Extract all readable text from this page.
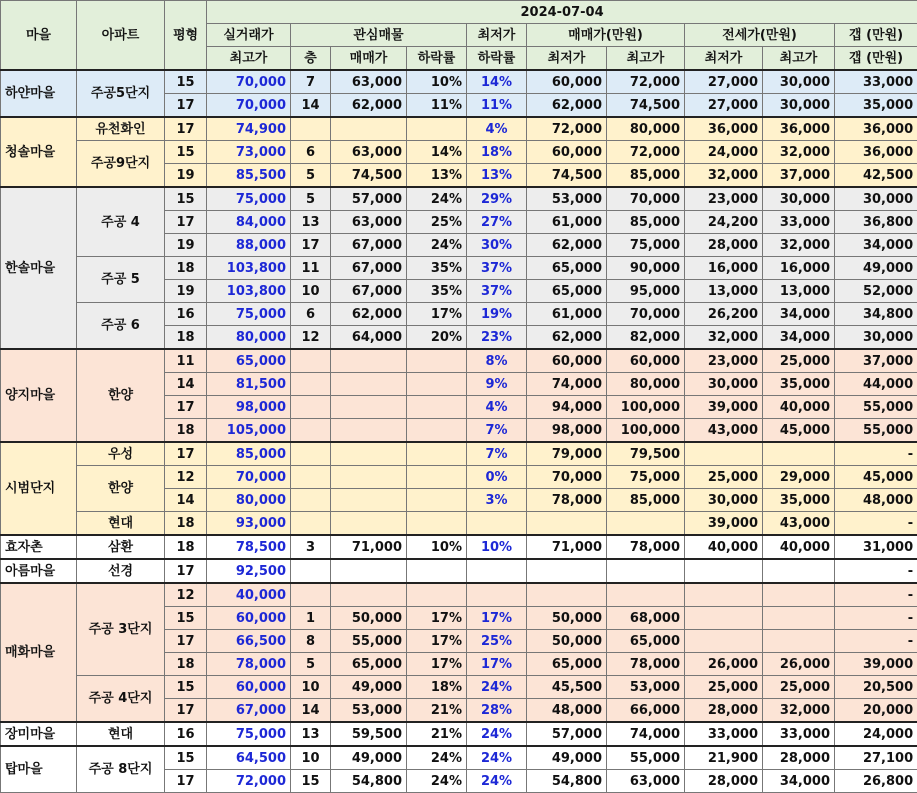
마을	아파트	평형	2024-07-04									
			실거래가	관심매물			최저가	매매가(만원)		전세가(만원)		갭 (만원)
			최고가	층	매매가	하락률	하락률	최저가	최고가	최저가	최고가	갭 (만원)
하얀마을	주공5단지	15	70,000	7	63,000	10%	14%	60,000	72,000	27,000	30,000	33,000
		17	70,000	14	62,000	11%	11%	62,000	74,500	27,000	30,000	35,000
청솔마을	유천화인	17	74,900				4%	72,000	80,000	36,000	36,000	36,000
	주공9단지	15	73,000	6	63,000	14%	18%	60,000	72,000	24,000	32,000	36,000
		19	85,500	5	74,500	13%	13%	74,500	85,000	32,000	37,000	42,500
한솔마을	주공 4	15	75,000	5	57,000	24%	29%	53,000	70,000	23,000	30,000	30,000
		17	84,000	13	63,000	25%	27%	61,000	85,000	24,200	33,000	36,800
		19	88,000	17	67,000	24%	30%	62,000	75,000	28,000	32,000	34,000
	주공 5	18	103,800	11	67,000	35%	37%	65,000	90,000	16,000	16,000	49,000
		19	103,800	10	67,000	35%	37%	65,000	95,000	13,000	13,000	52,000
	주공 6	16	75,000	6	62,000	17%	19%	61,000	70,000	26,200	34,000	34,800
		18	80,000	12	64,000	20%	23%	62,000	82,000	32,000	34,000	30,000
양지마을	한양	11	65,000				8%	60,000	60,000	23,000	25,000	37,000
		14	81,500				9%	74,000	80,000	30,000	35,000	44,000
		17	98,000				4%	94,000	100,000	39,000	40,000	55,000
		18	105,000				7%	98,000	100,000	43,000	45,000	55,000
시범단지	우성	17	85,000				7%	79,000	79,500			-
	한양	12	70,000				0%	70,000	75,000	25,000	29,000	45,000
		14	80,000				3%	78,000	85,000	30,000	35,000	48,000
	현대	18	93,000							39,000	43,000	-
효자촌	삼환	18	78,500	3	71,000	10%	10%	71,000	78,000	40,000	40,000	31,000
아름마을	선경	17	92,500									-
매화마을	주공 3단지	12	40,000									-
		15	60,000	1	50,000	17%	17%	50,000	68,000			-
		17	66,500	8	55,000	17%	25%	50,000	65,000			-
		18	78,000	5	65,000	17%	17%	65,000	78,000	26,000	26,000	39,000
	주공 4단지	15	60,000	10	49,000	18%	24%	45,500	53,000	25,000	25,000	20,500
		17	67,000	14	53,000	21%	28%	48,000	66,000	28,000	32,000	20,000
장미마을	현대	16	75,000	13	59,500	21%	24%	57,000	74,000	33,000	33,000	24,000
탑마을	주공 8단지	15	64,500	10	49,000	24%	24%	49,000	55,000	21,900	28,000	27,100
		17	72,000	15	54,800	24%	24%	54,800	63,000	28,000	34,000	26,800
